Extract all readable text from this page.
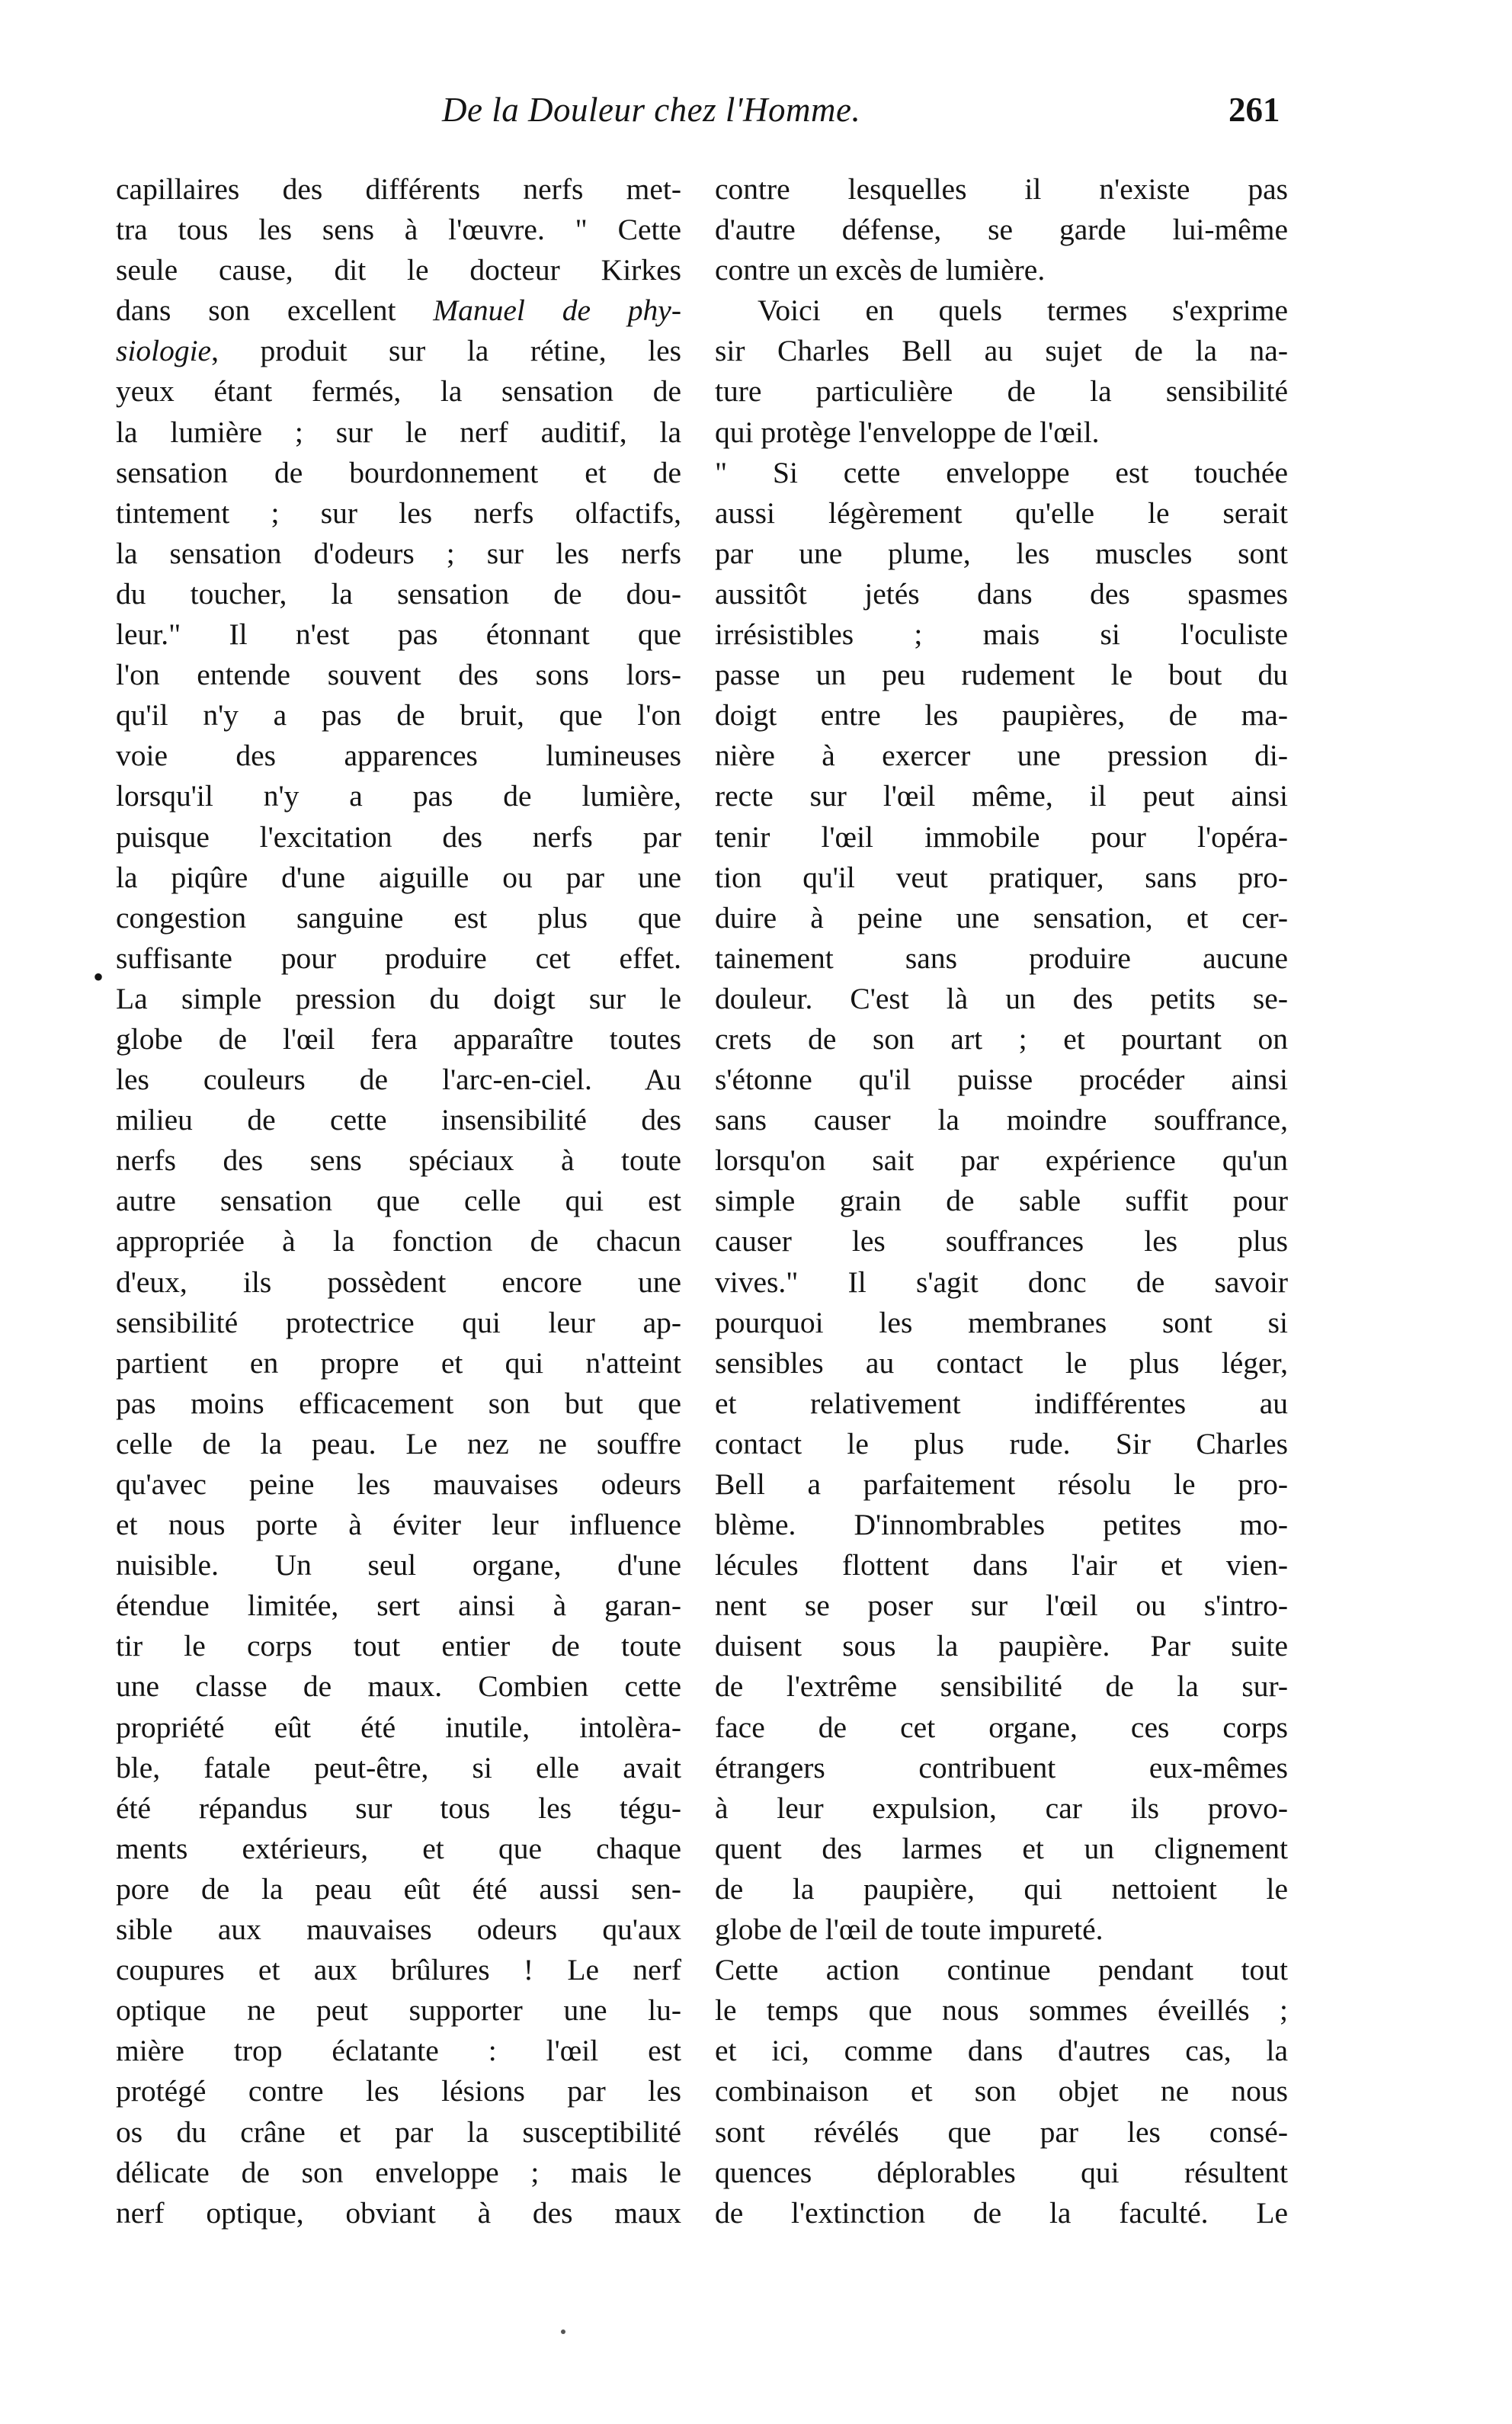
De la Douleur chez l'Homme.	261
•
capillaires des différents nerfs met-
tra tous les sens à l'œuvre. " Cette
seule cause, dit le docteur Kirkes
dans son excellent Manuel de phy-
siologie, produit sur la rétine, les
yeux étant fermés, la sensation de
la lumière ; sur le nerf auditif, la
sensation de bourdonnement et de
tintement ; sur les nerfs olfactifs,
la sensation d'odeurs ; sur les nerfs
du toucher, la sensation de dou-
leur." Il n'est pas étonnant que
l'on entende souvent des sons lors-
qu'il n'y a pas de bruit, que l'on
voie des apparences lumineuses
lorsqu'il n'y a pas de lumière,
puisque l'excitation des nerfs par
la piqûre d'une aiguille ou par une
congestion sanguine est plus que
suffisante pour produire cet effet.
La simple pression du doigt sur le
globe de l'œil fera apparaître toutes
les couleurs de l'arc-en-ciel. Au
milieu de cette insensibilité des
nerfs des sens spéciaux à toute
autre sensation que celle qui est
appropriée à la fonction de chacun
d'eux, ils possèdent encore une
sensibilité protectrice qui leur ap-
partient en propre et qui n'atteint
pas moins efficacement son but que
celle de la peau. Le nez ne souffre
qu'avec peine les mauvaises odeurs
et nous porte à éviter leur influence
nuisible. Un seul organe, d'une
étendue limitée, sert ainsi à garan-
tir le corps tout entier de toute
une classe de maux. Combien cette
propriété eût été inutile, intolèra-
ble, fatale peut-être, si elle avait
été répandus sur tous les tégu-
ments extérieurs, et que chaque
pore de la peau eût été aussi sen-
sible aux mauvaises odeurs qu'aux
coupures et aux brûlures ! Le nerf
optique ne peut supporter une lu-
mière trop éclatante : l'œil est
protégé contre les lésions par les
os du crâne et par la susceptibilité
délicate de son enveloppe ; mais le
nerf optique, obviant à des maux
contre lesquelles il n'existe pas
d'autre défense, se garde lui-même
contre un excès de lumière.
Voici en quels termes s'exprime
sir Charles Bell au sujet de la na-
ture particulière de la sensibilité
qui protège l'enveloppe de l'œil.
" Si cette enveloppe est touchée
aussi légèrement qu'elle le serait
par une plume, les muscles sont
aussitôt jetés dans des spasmes
irrésistibles ; mais si l'oculiste
passe un peu rudement le bout du
doigt entre les paupières, de ma-
nière à exercer une pression di-
recte sur l'œil même, il peut ainsi
tenir l'œil immobile pour l'opéra-
tion qu'il veut pratiquer, sans pro-
duire à peine une sensation, et cer-
tainement sans produire aucune
douleur. C'est là un des petits se-
crets de son art ; et pourtant on
s'étonne qu'il puisse procéder ainsi
sans causer la moindre souffrance,
lorsqu'on sait par expérience qu'un
simple grain de sable suffit pour
causer les souffrances les plus
vives." Il s'agit donc de savoir
pourquoi les membranes sont si
sensibles au contact le plus léger,
et relativement indifférentes au
contact le plus rude. Sir Charles
Bell a parfaitement résolu le pro-
blème. D'innombrables petites mo-
lécules flottent dans l'air et vien-
nent se poser sur l'œil ou s'intro-
duisent sous la paupière. Par suite
de l'extrême sensibilité de la sur-
face de cet organe, ces corps
étrangers contribuent eux-mêmes
à leur expulsion, car ils provo-
quent des larmes et un clignement
de la paupière, qui nettoient le
globe de l'œil de toute impureté.
Cette action continue pendant tout
le temps que nous sommes éveillés ;
et ici, comme dans d'autres cas, la
combinaison et son objet ne nous
sont révélés que par les consé-
quences déplorables qui résultent
de l'extinction de la faculté. Le
